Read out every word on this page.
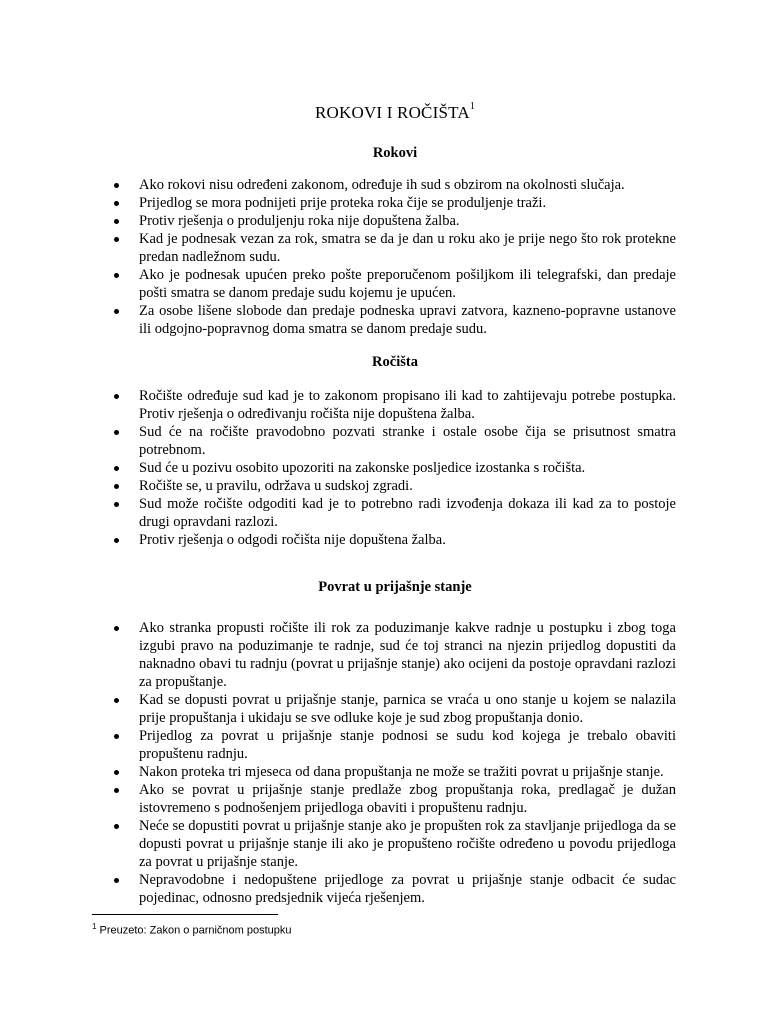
ROKOVI I ROČIŠTA$^1$
Rokovi
Ako rokovi nisu određeni zakonom, određuje ih sud s obzirom na okolnosti slučaja.
Prijedlog se mora podnijeti prije proteka roka čije se produljenje traži.
Protiv rješenja o produljenju roka nije dopuštena žalba.
Kad je podnesak vezan za rok, smatra se da je dan u roku ako je prije nego što rok protekne predan nadležnom sudu.
Ako je podnesak upućen preko pošte preporučenom pošiljkom ili telegrafski, dan predaje pošti smatra se danom predaje sudu kojemu je upućen.
Za osobe lišene slobode dan predaje podneska upravi zatvora, kazneno-popravne ustanove ili odgojno-popravnog doma smatra se danom predaje sudu.
Ročišta
Ročište određuje sud kad je to zakonom propisano ili kad to zahtijevaju potrebe postupka. Protiv rješenja o određivanju ročišta nije dopuštena žalba.
Sud će na ročište pravodobno pozvati stranke i ostale osobe čija se prisutnost smatra potrebnom.
Sud će u pozivu osobito upozoriti na zakonske posljedice izostanka s ročišta.
Ročište se, u pravilu, održava u sudskoj zgradi.
Sud može ročište odgoditi kad je to potrebno radi izvođenja dokaza ili kad za to postoje drugi opravdani razlozi.
Protiv rješenja o odgodi ročišta nije dopuštena žalba.
Povrat u prijašnje stanje
Ako stranka propusti ročište ili rok za poduzimanje kakve radnje u postupku i zbog toga izgubi pravo na poduzimanje te radnje, sud će toj stranci na njezin prijedlog dopustiti da naknadno obavi tu radnju (povrat u prijašnje stanje) ako ocijeni da postoje opravdani razlozi za propuštanje.
Kad se dopusti povrat u prijašnje stanje, parnica se vraća u ono stanje u kojem se nalazila prije propuštanja i ukidaju se sve odluke koje je sud zbog propuštanja donio.
Prijedlog za povrat u prijašnje stanje podnosi se sudu kod kojega je trebalo obaviti propuštenu radnju.
Nakon proteka tri mjeseca od dana propuštanja ne može se tražiti povrat u prijašnje stanje.
Ako se povrat u prijašnje stanje predlaže zbog propuštanja roka, predlagač je dužan istovremeno s podnošenjem prijedloga obaviti i propuštenu radnju.
Neće se dopustiti povrat u prijašnje stanje ako je propušten rok za stavljanje prijedloga da se dopusti povrat u prijašnje stanje ili ako je propušteno ročište određeno u povodu prijedloga za povrat u prijašnje stanje.
Nepravodobne i nedopuštene prijedloge za povrat u prijašnje stanje odbacit će sudac pojedinac, odnosno predsjednik vijeća rješenjem.
$^1$ Preuzeto: Zakon o parničnom postupku
